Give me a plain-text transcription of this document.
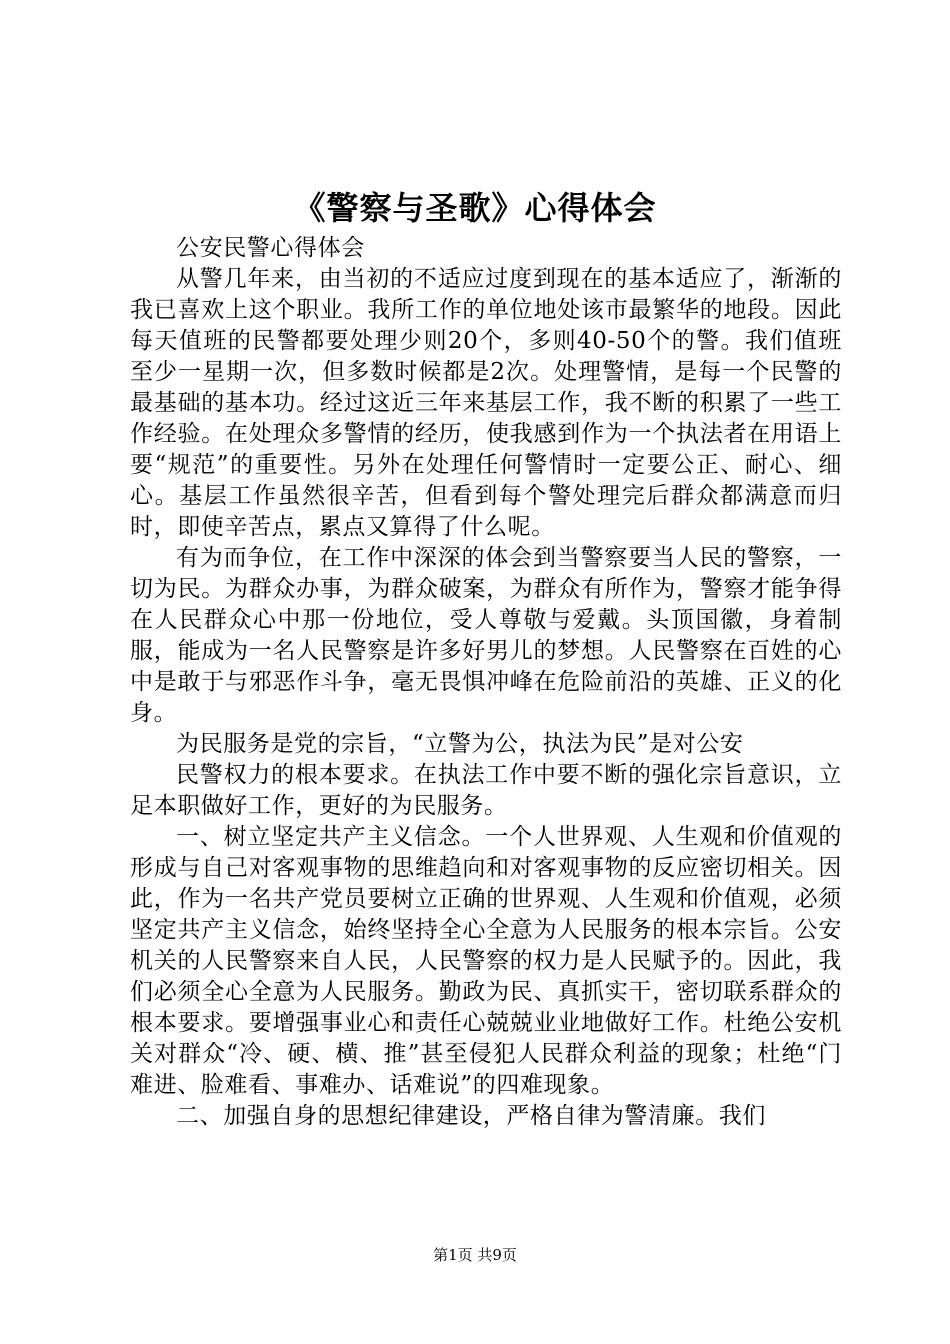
《警察与圣歌》心得体会

公安民警心得体会

从警几年来，由当初的不适应过度到现在的基本适应了，渐渐的我已喜欢上这个职业。我所工作的单位地处该市最繁华的地段。因此每天值班的民警都要处理少则20个，多则40-50个的警。我们值班至少一星期一次，但多数时候都是2次。处理警情，是每一个民警的最基础的基本功。经过这近三年来基层工作，我不断的积累了一些工作经验。在处理众多警情的经历，使我感到作为一个执法者在用语上要“规范”的重要性。另外在处理任何警情时一定要公正、耐心、细心。基层工作虽然很辛苦，但看到每个警处理完后群众都满意而归时，即使辛苦点，累点又算得了什么呢。

有为而争位，在工作中深深的体会到当警察要当人民的警察，一切为民。为群众办事，为群众破案，为群众有所作为，警察才能争得在人民群众心中那一份地位，受人尊敬与爱戴。头顶国徽，身着制服，能成为一名人民警察是许多好男儿的梦想。人民警察在百姓的心中是敢于与邪恶作斗争，毫无畏惧冲峰在危险前沿的英雄、正义的化身。

为民服务是党的宗旨，“立警为公，执法为民”是对公安

民警权力的根本要求。在执法工作中要不断的强化宗旨意识，立足本职做好工作，更好的为民服务。

一、树立坚定共产主义信念。一个人世界观、人生观和价值观的形成与自己对客观事物的思维趋向和对客观事物的反应密切相关。因此，作为一名共产党员要树立正确的世界观、人生观和价值观，必须坚定共产主义信念，始终坚持全心全意为人民服务的根本宗旨。公安机关的人民警察来自人民，人民警察的权力是人民赋予的。因此，我们必须全心全意为人民服务。勤政为民、真抓实干，密切联系群众的根本要求。要增强事业心和责任心兢兢业业地做好工作。杜绝公安机关对群众“冷、硬、横、推”甚至侵犯人民群众利益的现象；杜绝“门难进、脸难看、事难办、话难说”的四难现象。

二、加强自身的思想纪律建设，严格自律为警清廉。我们

第1页 共9页
